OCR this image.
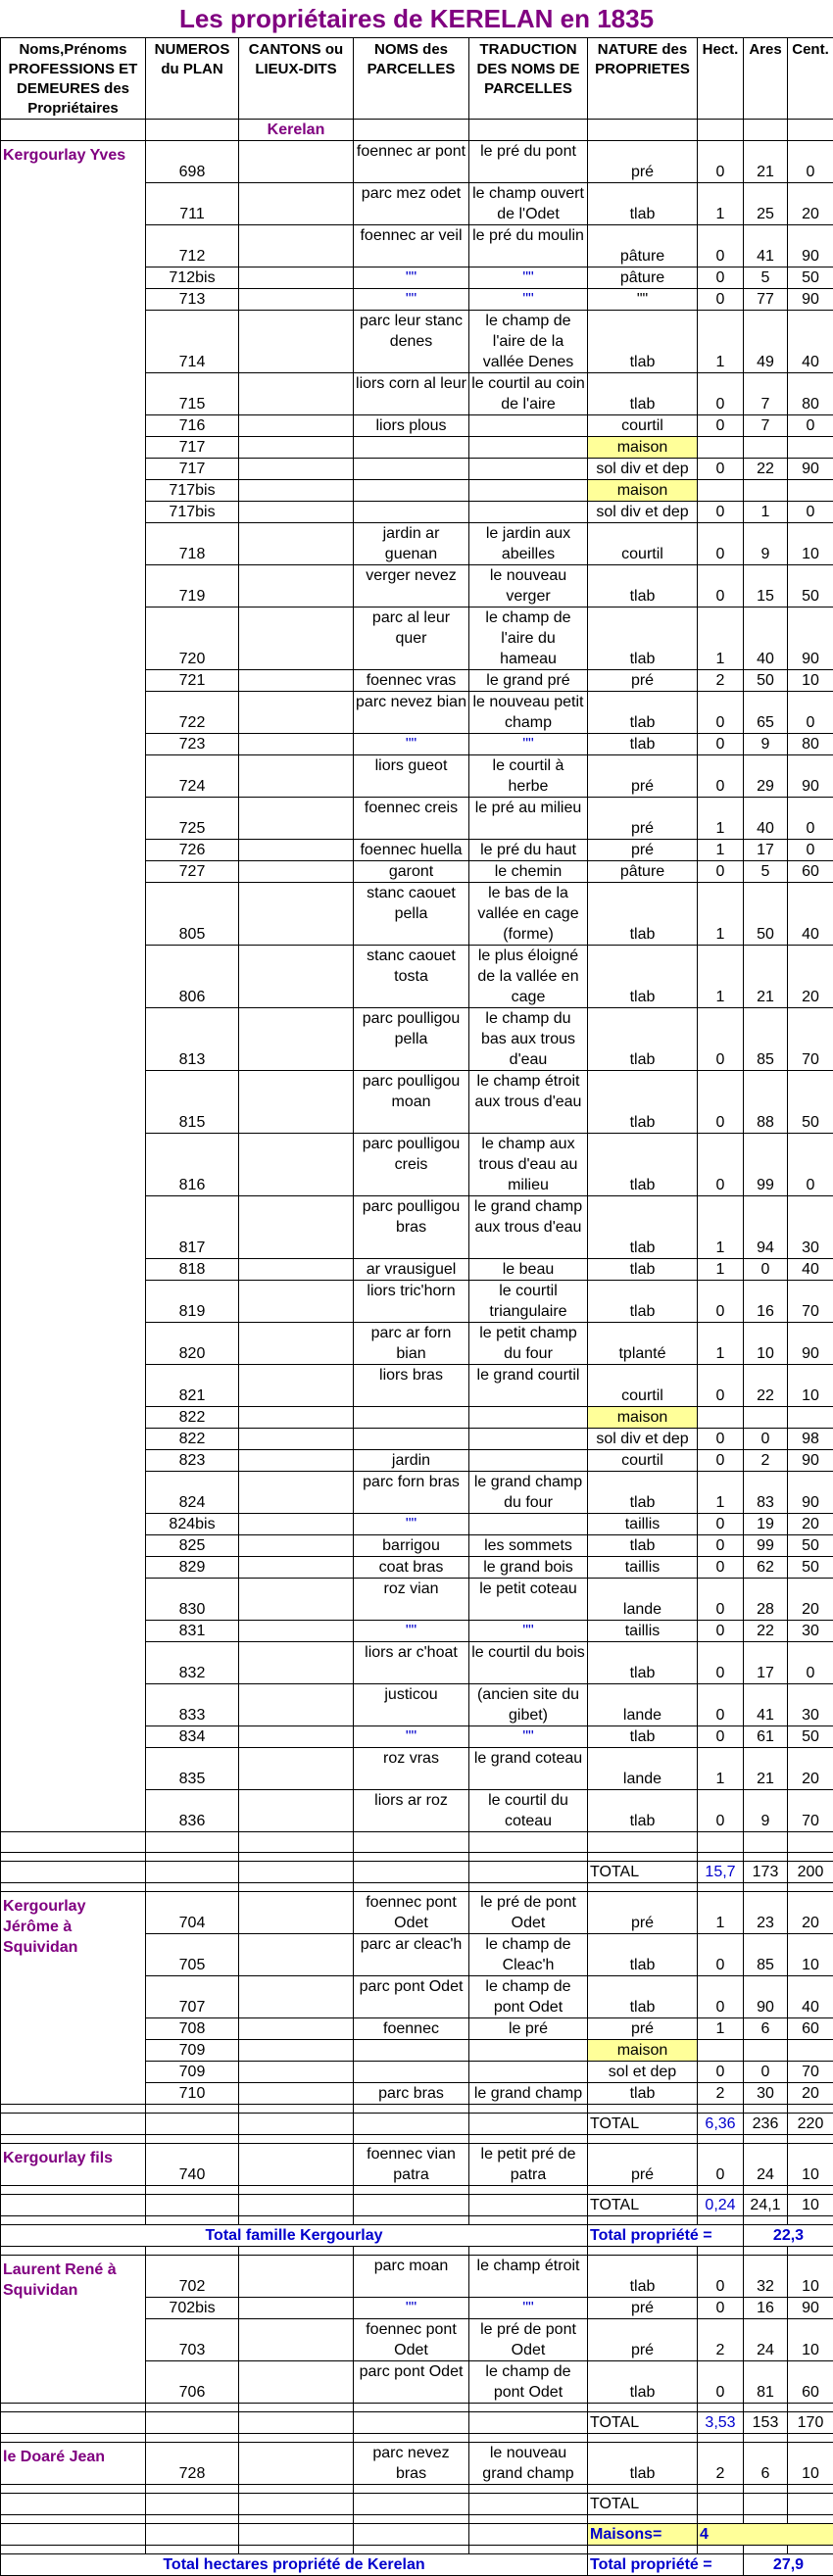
Les propriétaires de KERELAN en 1835
Noms,Prénoms PROFESSIONS ET DEMEURES des Propriétaires	NUMEROS du PLAN	CANTONS ou LIEUX-DITS	NOMS des PARCELLES	TRADUCTION DES NOMS DE PARCELLES	NATURE des PROPRIETES	Hect.	Ares	Cent.
		Kerelan						
Kergourlay Yves	698		foennec ar pont	le pré du pont	pré	0	21	0
	711		parc mez odet	le champ ouvert de l'Odet	tlab	1	25	20
	712		foennec ar veil	le pré du moulin	pâture	0	41	90
	712bis		""	""	pâture	0	5	50
	713		""	""	""	0	77	90
	714		parc leur stanc denes	le champ de l'aire de la vallée Denes	tlab	1	49	40
	715		liors corn al leur	le courtil au coin de l'aire	tlab	0	7	80
	716		liors plous		courtil	0	7	0
	717				maison			
	717				sol div et dep	0	22	90
	717bis				maison			
	717bis				sol div et dep	0	1	0
	718		jardin ar guenan	le jardin aux abeilles	courtil	0	9	10
	719		verger nevez	le nouveau verger	tlab	0	15	50
	720		parc al leur quer	le champ de l'aire du hameau	tlab	1	40	90
	721		foennec vras	le grand pré	pré	2	50	10
	722		parc nevez bian	le nouveau petit champ	tlab	0	65	0
	723		""	""	tlab	0	9	80
	724		liors gueot	le courtil à herbe	pré	0	29	90
	725		foennec creis	le pré au milieu	pré	1	40	0
	726		foennec huella	le pré du haut	pré	1	17	0
	727		garont	le chemin	pâture	0	5	60
	805		stanc caouet pella	le bas de la vallée en cage (forme)	tlab	1	50	40
	806		stanc caouet tosta	le plus éloigné de la vallée en cage	tlab	1	21	20
	813		parc poulligou pella	le champ du bas aux trous d'eau	tlab	0	85	70
	815		parc poulligou moan	le champ étroit aux trous d'eau	tlab	0	88	50
	816		parc poulligou creis	le champ aux trous d'eau au milieu	tlab	0	99	0
	817		parc poulligou bras	le grand champ aux trous d'eau	tlab	1	94	30
	818		ar vrausiguel	le beau	tlab	1	0	40
	819		liors tric'horn	le courtil triangulaire	tlab	0	16	70
	820		parc ar forn bian	le petit champ du four	tplanté	1	10	90
	821		liors bras	le grand courtil	courtil	0	22	10
	822				maison			
	822				sol div et dep	0	0	98
	823		jardin		courtil	0	2	90
	824		parc forn bras	le grand champ du four	tlab	1	83	90
	824bis		""		taillis	0	19	20
	825		barrigou	les sommets	tlab	0	99	50
	829		coat bras	le grand bois	taillis	0	62	50
	830		roz vian	le petit coteau	lande	0	28	20
	831		""	""	taillis	0	22	30
	832		liors ar c'hoat	le courtil du bois	tlab	0	17	0
	833		justicou	(ancien site du gibet)	lande	0	41	30
	834		""	""	tlab	0	61	50
	835		roz vras	le grand coteau	lande	1	21	20
	836		liors ar roz	le courtil du coteau	tlab	0	9	70

					TOTAL	15,7	173	200

Kergourlay Jérôme à Squividan	704		foennec pont Odet	le pré de pont Odet	pré	1	23	20
	705		parc ar cleac'h	le champ de Cleac'h	tlab	0	85	10
	707		parc pont Odet	le champ de pont Odet	tlab	0	90	40
	708		foennec	le pré	pré	1	6	60
	709				maison			
	709				sol et dep	0	0	70
	710		parc bras	le grand champ	tlab	2	30	20

					TOTAL	6,36	236	220

Kergourlay fils	740		foennec vian patra	le petit pré de patra	pré	0	24	10

					TOTAL	0,24	24,1	10

Total famille Kergourlay					Total propriété =		22,3	

Laurent René à Squividan	702		parc moan	le champ étroit	tlab	0	32	10
	702bis		""	""	pré	0	16	90
	703		foennec pont Odet	le pré de pont Odet	pré	2	24	10
	706		parc pont Odet	le champ de pont Odet	tlab	0	81	60

					TOTAL	3,53	153	170

le Doaré Jean	728		parc nevez bras	le nouveau grand champ	tlab	2	6	10

					TOTAL			

					Maisons=	4		

Total hectares propriété de Kerelan					Total propriété =		27,9	
